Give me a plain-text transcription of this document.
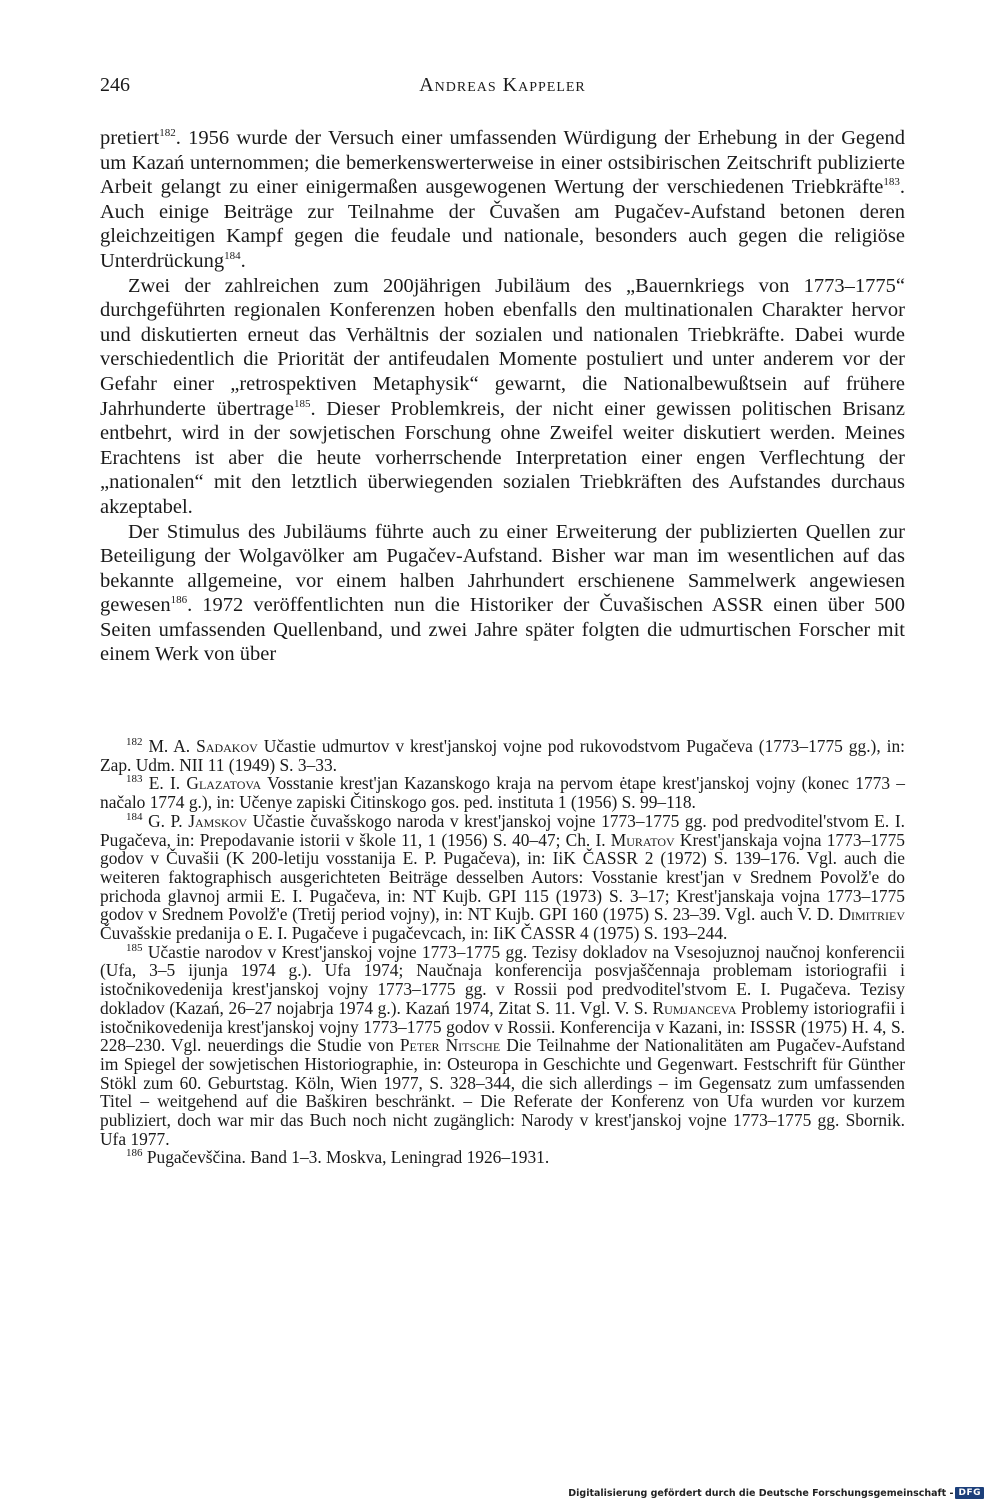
246	Andreas Kappeler

pretiert$^{182}$. 1956 wurde der Versuch einer umfassenden Würdigung der Erhebung in der Gegend um Kazań unternommen; die bemerkenswerterweise in einer ostsibirischen Zeitschrift publizierte Arbeit gelangt zu einer einigermaßen ausgewogenen Wertung der verschiedenen Triebkräfte$^{183}$. Auch einige Beiträge zur Teilnahme der Čuvašen am Pugačev-Aufstand betonen deren gleichzeitigen Kampf gegen die feudale und nationale, besonders auch gegen die religiöse Unterdrückung$^{184}$.

Zwei der zahlreichen zum 200jährigen Jubiläum des „Bauernkriegs von 1773–1775“ durchgeführten regionalen Konferenzen hoben ebenfalls den multinationalen Charakter hervor und diskutierten erneut das Verhältnis der sozialen und nationalen Triebkräfte. Dabei wurde verschiedentlich die Priorität der antifeudalen Momente postuliert und unter anderem vor der Gefahr einer „retrospektiven Metaphysik“ gewarnt, die Nationalbewußtsein auf frühere Jahrhunderte übertrage$^{185}$. Dieser Problemkreis, der nicht einer gewissen politischen Brisanz entbehrt, wird in der sowjetischen Forschung ohne Zweifel weiter diskutiert werden. Meines Erachtens ist aber die heute vorherrschende Interpretation einer engen Verflechtung der „nationalen“ mit den letztlich überwiegenden sozialen Triebkräften des Aufstandes durchaus akzeptabel.

Der Stimulus des Jubiläums führte auch zu einer Erweiterung der publizierten Quellen zur Beteiligung der Wolgavölker am Pugačev-Aufstand. Bisher war man im wesentlichen auf das bekannte allgemeine, vor einem halben Jahrhundert erschienene Sammelwerk angewiesen gewesen$^{186}$. 1972 veröffentlichten nun die Historiker der Čuvašischen ASSR einen über 500 Seiten umfassenden Quellenband, und zwei Jahre später folgten die udmurtischen Forscher mit einem Werk von über

$^{182}$ M. A. Sadakov Učastie udmurtov v krest'janskoj vojne pod rukovodstvom Pugačeva (1773–1775 gg.), in: Zap. Udm. NII 11 (1949) S. 3–33.

$^{183}$ E. I. Glazatova Vosstanie krest'jan Kazanskogo kraja na pervom ėtape krest'janskoj vojny (konec 1773 – načalo 1774 g.), in: Učenye zapiski Čitinskogo gos. ped. instituta 1 (1956) S. 99–118.

$^{184}$ G. P. Jamskov Učastie čuvašskogo naroda v krest'janskoj vojne 1773–1775 gg. pod predvoditel'stvom E. I. Pugačeva, in: Prepodavanie istorii v škole 11, 1 (1956) S. 40–47; Ch. I. Muratov Krest'janskaja vojna 1773–1775 godov v Čuvašii (K 200-letiju vosstanija E. P. Pugačeva), in: IiK ČASSR 2 (1972) S. 139–176. Vgl. auch die weiteren faktographisch ausgerichteten Beiträge desselben Autors: Vosstanie krest'jan v Srednem Povolž'e do prichoda glavnoj armii E. I. Pugačeva, in: NT Kujb. GPI 115 (1973) S. 3–17; Krest'janskaja vojna 1773–1775 godov v Srednem Povolž'e (Tretij period vojny), in: NT Kujb. GPI 160 (1975) S. 23–39. Vgl. auch V. D. Dimitriev Čuvašskie predanija o E. I. Pugačeve i pugačevcach, in: IiK ČASSR 4 (1975) S. 193–244.

$^{185}$ Učastie narodov v Krest'janskoj vojne 1773–1775 gg. Tezisy dokladov na Vsesojuznoj naučnoj konferencii (Ufa, 3–5 ijunja 1974 g.). Ufa 1974; Naučnaja konferencija posvjaščennaja problemam istoriografii i istočnikovedenija krest'janskoj vojny 1773–1775 gg. v Rossii pod predvoditel'stvom E. I. Pugačeva. Tezisy dokladov (Kazań, 26–27 nojabrja 1974 g.). Kazań 1974, Zitat S. 11. Vgl. V. S. Rumjanceva Problemy istoriografii i istočnikovedenija krest'janskoj vojny 1773–1775 godov v Rossii. Konferencija v Kazani, in: ISSSR (1975) H. 4, S. 228–230. Vgl. neuerdings die Studie von Peter Nitsche Die Teilnahme der Nationalitäten am Pugačev-Aufstand im Spiegel der sowjetischen Historiographie, in: Osteuropa in Geschichte und Gegenwart. Festschrift für Günther Stökl zum 60. Geburtstag. Köln, Wien 1977, S. 328–344, die sich allerdings – im Gegensatz zum umfassenden Titel – weitgehend auf die Baškiren beschränkt. – Die Referate der Konferenz von Ufa wurden vor kurzem publiziert, doch war mir das Buch noch nicht zugänglich: Narody v krest'janskoj vojne 1773–1775 gg. Sbornik. Ufa 1977.

$^{186}$ Pugačevščina. Band 1–3. Moskva, Leningrad 1926–1931.

Digitalisierung gefördert durch die Deutsche Forschungsgemeinschaft - DFG
